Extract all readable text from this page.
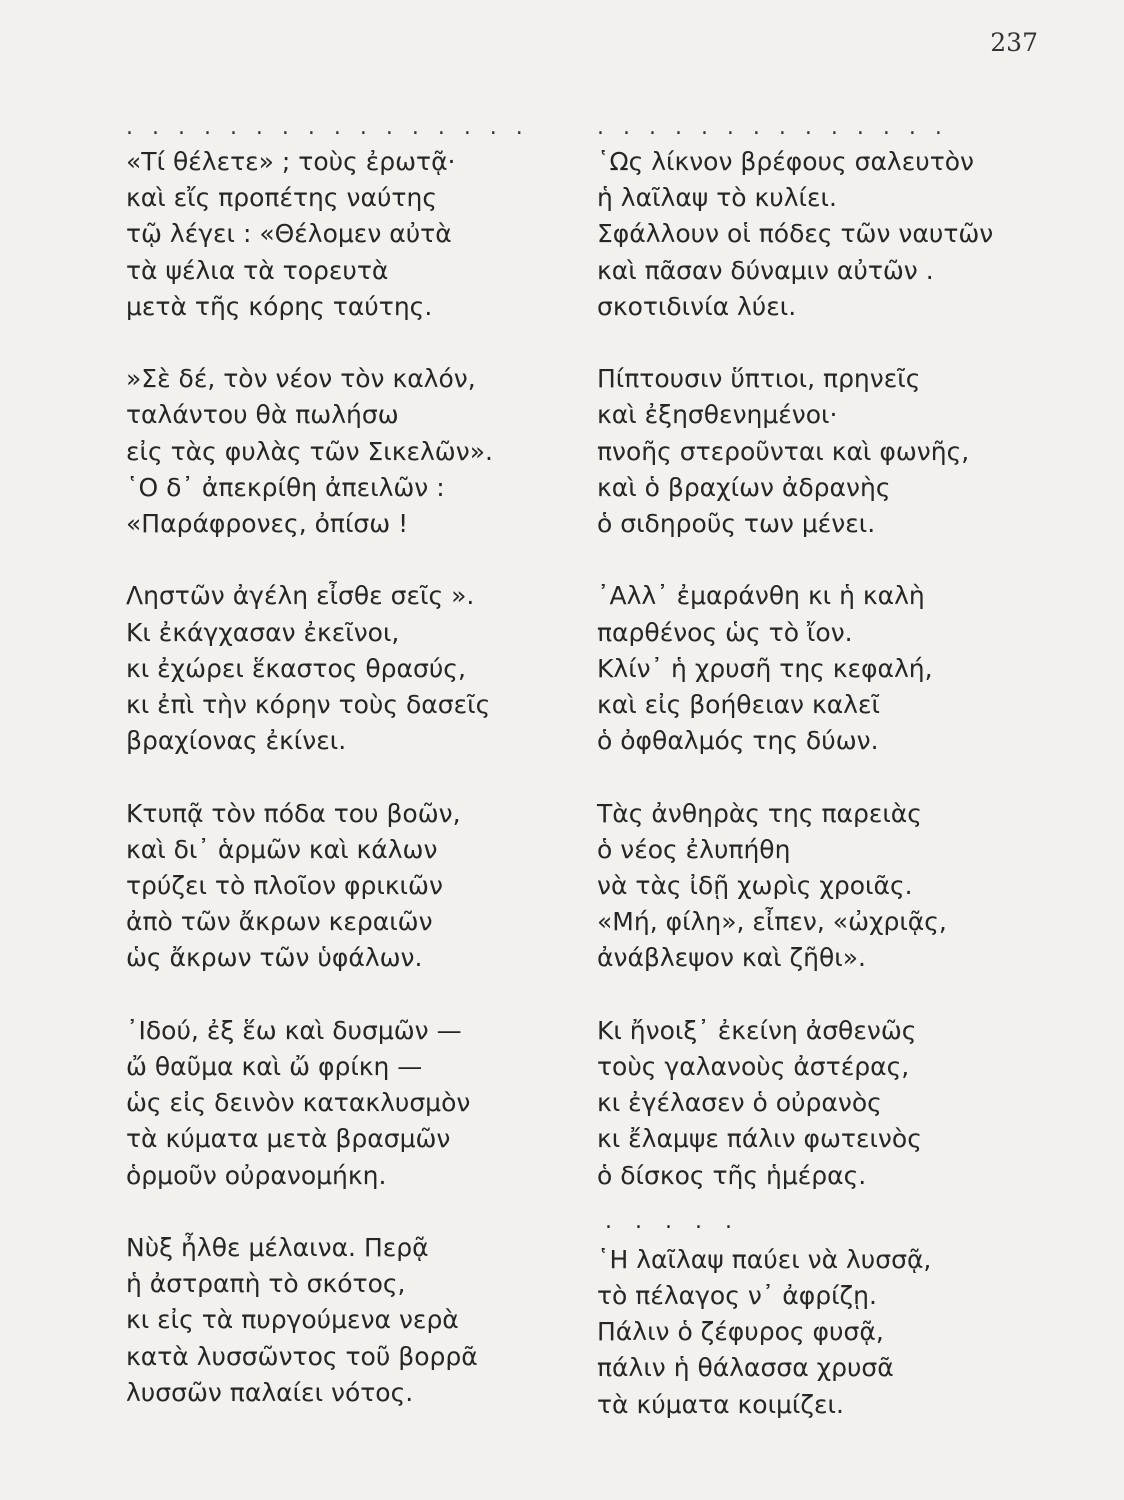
237
. . . . . . . . . . . . . . . .
«Τί θέλετε» ; τοὺς ἐρωτᾷ·
καὶ εἴς προπέτης ναύτης
τῷ λέγει : «Θέλομεν αὐτὰ
τὰ ψέλια τὰ τορευτὰ
μετὰ τῆς κόρης ταύτης.
»Σὲ δέ, τὸν νέον τὸν καλόν,
ταλάντου θὰ πωλήσω
εἰς τὰς φυλὰς τῶν Σικελῶν».
῾Ο δ᾽ ἀπεκρίθη ἀπειλῶν :
«Παράφρονες, ὀπίσω !
Ληστῶν ἀγέλη εἶσθε σεῖς ».
Κι ἐκάγχασαν ἐκεῖνοι,
κι ἐχώρει ἕκαστος θρασύς,
κι ἐπὶ τὴν κόρην τοὺς δασεῖς
βραχίονας ἐκίνει.
Κτυπᾷ τὸν πόδα του βοῶν,
καὶ δι᾽ ἁρμῶν καὶ κάλων
τρύζει τὸ πλοῖον φρικιῶν
ἀπὸ τῶν ἄκρων κεραιῶν
ὡς ἄκρων τῶν ὑφάλων.
᾽Ιδού, ἐξ ἕω καὶ δυσμῶν —
ὤ θαῦμα καὶ ὤ φρίκη —
ὡς εἰς δεινὸν κατακλυσμὸν
τὰ κύματα μετὰ βρασμῶν
ὁρμοῦν οὐρανομήκη.
Νὺξ ἦλθε μέλαινα. Περᾷ
ἡ ἀστραπὴ τὸ σκότος,
κι εἰς τὰ πυργούμενα νερὰ
κατὰ λυσσῶντος τοῦ βορρᾶ
λυσσῶν παλαίει νότος.
. . . . . . . . . . . . . .
῾Ως λίκνον βρέφους σαλευτὸν
ἡ λαῖλαψ τὸ κυλίει.
Σφάλλουν οἱ πόδες τῶν ναυτῶν
καὶ πᾶσαν δύναμιν αὐτῶν .
σκοτιδινία λύει.
Πίπτουσιν ὕπτιοι, πρηνεῖς
καὶ ἐξησθενημένοι·
πνοῆς στεροῦνται καὶ φωνῆς,
καὶ ὁ βραχίων ἀδρανὴς
ὁ σιδηροῦς των μένει.
᾽Αλλ᾽ ἐμαράνθη κι ἡ καλὴ
παρθένος ὡς τὸ ἴον.
Κλίν᾽ ἡ χρυσῆ της κεφαλή,
καὶ εἰς βοήθειαν καλεῖ
ὁ ὀφθαλμός της δύων.
Τὰς ἀνθηρὰς της παρειὰς
ὁ νέος ἐλυπήθη
νὰ τὰς ἰδῇ χωρὶς χροιᾶς.
«Μή, φίλη», εἶπεν, «ὠχριᾷς,
ἀνάβλεψον καὶ ζῆθι».
Κι ἤνοιξ᾽ ἐκείνη ἀσθενῶς
τοὺς γαλανοὺς ἀστέρας,
κι ἐγέλασεν ὁ οὐρανὸς
κι ἔλαμψε πάλιν φωτεινὸς
ὁ δίσκος τῆς ἡμέρας.
. . . . .
῾Η λαῖλαψ παύει νὰ λυσσᾷ,
τὸ πέλαγος ν᾽ ἀφρίζῃ.
Πάλιν ὁ ζέφυρος φυσᾷ,
πάλιν ἡ θάλασσα χρυσᾶ
τὰ κύματα κοιμίζει.
